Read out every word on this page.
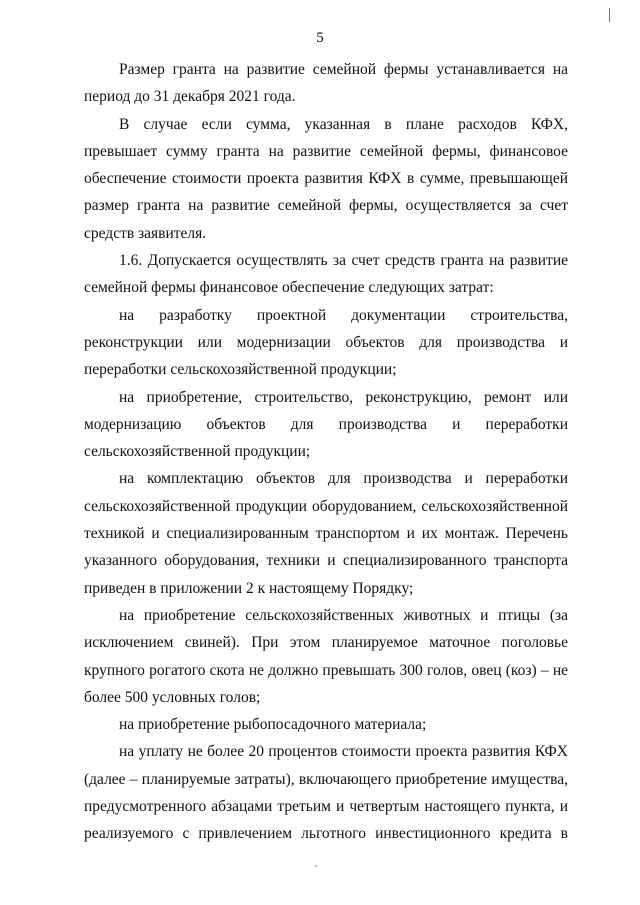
5
Размер гранта на развитие семейной фермы устанавливается на
период до 31 декабря 2021 года.
В случае если сумма, указанная в плане расходов КФХ,
превышает сумму гранта на развитие семейной фермы, финансовое
обеспечение стоимости проекта развития КФХ в сумме, превышающей
размер гранта на развитие семейной фермы, осуществляется за счет
средств заявителя.
1.6. Допускается осуществлять за счет средств гранта на развитие
семейной фермы финансовое обеспечение следующих затрат:
на разработку проектной документации строительства,
реконструкции или модернизации объектов для производства и
переработки сельскохозяйственной продукции;
на приобретение, строительство, реконструкцию, ремонт или
модернизацию объектов для производства и переработки
сельскохозяйственной продукции;
на комплектацию объектов для производства и переработки
сельскохозяйственной продукции оборудованием, сельскохозяйственной
техникой и специализированным транспортом и их монтаж. Перечень
указанного оборудования, техники и специализированного транспорта
приведен в приложении 2 к настоящему Порядку;
на приобретение сельскохозяйственных животных и птицы (за
исключением свиней). При этом планируемое маточное поголовье
крупного рогатого скота не должно превышать 300 голов, овец (коз) – не
более 500 условных голов;
на приобретение рыбопосадочного материала;
на уплату не более 20 процентов стоимости проекта развития КФХ
(далее – планируемые затраты), включающего приобретение имущества,
предусмотренного абзацами третьим и четвертым настоящего пункта, и
реализуемого с привлечением льготного инвестиционного кредита в
